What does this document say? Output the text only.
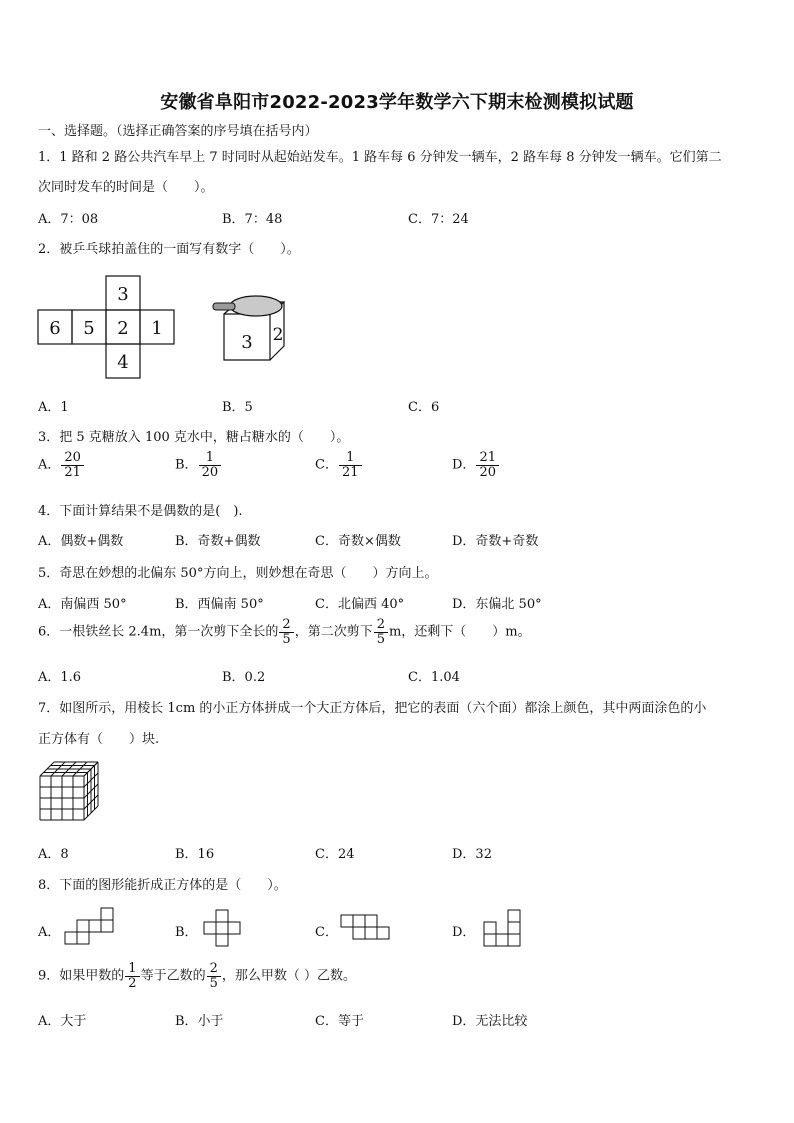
安徽省阜阳市2022-2023学年数学六下期末检测模拟试题
一、选择题。（选择正确答案的序号填在括号内）
1．1 路和 2 路公共汽车早上 7 时同时从起始站发车。1 路车每 6 分钟发一辆车，2 路车每 8 分钟发一辆车。它们第二
次同时发车的时间是（　　）。
A．7：08	B．7：48	C．7：24
2．被乒乓球拍盖住的一面写有数字（　　）。
3
6 5 2 1
4
3 2
A．1	B．5	C．6
3．把 5 克糖放入 100 克水中，糖占糖水的（　　）。
A． $\frac{20}{21}$	B． $\frac{1}{20}$	C． $\frac{1}{21}$	D． $\frac{21}{20}$
4．下面计算结果不是偶数的是(　).
A．偶数+偶数	B．奇数+偶数	C．奇数×偶数	D．奇数+奇数
5．奇思在妙想的北偏东 50°方向上，则妙想在奇思（　　）方向上。
A．南偏西 50°	B．西偏南 50°	C．北偏西 40°	D．东偏北 50°
6．一根铁丝长 2.4m，第一次剪下全长的 $\frac{2}{5}$ ，第二次剪下 $\frac{2}{5}$ m，还剩下（　　）m。
A．1.6	B．0.2	C．1.04
7．如图所示，用棱长 1cm 的小正方体拼成一个大正方体后，把它的表面（六个面）都涂上颜色，其中两面涂色的小
正方体有（　　）块.
A．8	B．16	C．24	D．32
8．下面的图形能折成正方体的是（　　）。
A．	B．	C．	D．
9．如果甲数的 $\frac{1}{2}$ 等于乙数的 $\frac{2}{5}$ ，那么甲数（ ）乙数。
A．大于	B．小于	C．等于	D．无法比较
